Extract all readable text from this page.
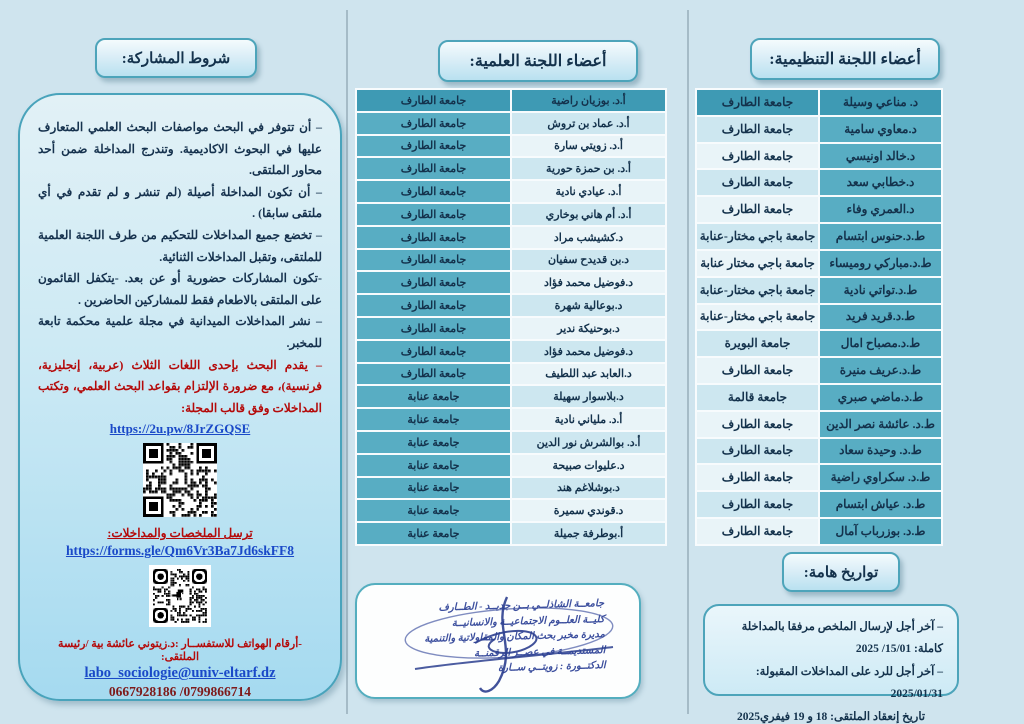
أعضاء اللجنة التنظيمية:
د. مناعي وسيلة	جامعة الطارف
د.معاوي سامية	جامعة الطارف
د.خالد اونيسي	جامعة الطارف
د.خطابي سعد	جامعة الطارف
د.العمري وفاء	جامعة الطارف
ط.د.حنوس ابتسام	جامعة باجي مختار-عنابة
ط.د.مباركي روميساء	جامعة باجي مختار عنابة
ط.د.تواتي نادية	جامعة باجي مختار-عنابة
ط.د.قريد فريد	جامعة باجي مختار-عنابة
ط.د.مصباح امال	جامعة البويرة
ط.د.عريف منيرة	جامعة الطارف
ط.د.ماضي صبري	جامعة قالمة
ط.د. عائشة نصر الدين	جامعة الطارف
ط.د. وحيدة سعاد	جامعة الطارف
ط.د. سكراوي راضية	جامعة الطارف
ط.د. عياش ابتسام	جامعة الطارف
ط.د. بوزرباب آمال	جامعة الطارف
تواريخ هامة:
– آخر أجل لإرسال الملخص مرفقا بالمداخلة كاملة: 15/01/ 2025
– آخر أجل للرد على المداخلات المقبولة: 2025/01/31
تاريخ إنعقاد الملتقى: 18 و 19 فيفري2025
أعضاء اللجنة العلمية:
أ.د. بوزيان راضية	جامعة الطارف
أ.د. عماد بن تروش	جامعة الطارف
أ.د. زويتي سارة	جامعة الطارف
أ.د. بن حمزة حورية	جامعة الطارف
أ.د. عيادي نادية	جامعة الطارف
أ.د. أم هاني بوخاري	جامعة الطارف
د.كشيشب مراد	جامعة الطارف
د.بن قديدح سفيان	جامعة الطارف
د.فوضيل محمد فؤاد	جامعة الطارف
د.بوعالية شهرة	جامعة الطارف
د.بوحنيكة ندير	جامعة الطارف
د.فوضيل محمد فؤاد	جامعة الطارف
د.العابد عبد اللطيف	جامعة الطارف
د.بلاسوار سهيلة	جامعة عنابة
أ.د. ملياني نادية	جامعة عنابة
أ.د. بوالشرش نور الدين	جامعة عنابة
د.عليوات صبيحة	جامعة عنابة
د.بوشلاغم هند	جامعة عنابة
د.قوندي سميرة	جامعة عنابة
أ.بوطرفة جميلة	جامعة عنابة
جامعــة الشاذلــي بــن جديــد - الطــارف
كليــة العلــوم الاجتماعيــة والانسانيــة
مديرة مخبر بحث المكان والمقاولاتية والتنمية
المستديمــة في عصــر الرقمنــة
الدكتــورة : زويتــي ســارة
شروط المشاركة:

– أن تتوفر في البحث مواصفات البحث العلمي المتعارف عليها في البحوث الاكاديمية. وتندرج المداخلة ضمن أحد محاور الملتقى.

– أن تكون المداخلة أصيلة (لم تنشر و لم تقدم في أي ملتقى سابقا) .

– تخضع جميع المداخلات للتحكيم من طرف اللجنة العلمية للملتقى، وتقبل المداخلات الثنائية.

-تكون المشاركات حضورية أو عن بعد. -يتكفل القائمون على الملتقى بالاطعام فقط للمشاركين الحاضرين .

– نشر المداخلات الميدانية في مجلة علمية محكمة تابعة للمخبر.

– يقدم البحث بإحدى اللغات الثلاث (عربية، إنجليزية، فرنسية)، مع ضرورة الإلتزام بقواعد البحث العلمي، وتكتب المداخلات وفق قالب المجلة:

https://2u.pw/8JrZGQSE
ترسل الملخصات والمداخلات:
https://forms.gle/Qm6Vr3Ba7Jd6skFF8
-أرقام الهواتف للاستفســار :د.زيتوني عائشة بية /رئيسة الملتقى:
labo_sociologie@univ-eltarf.dz
0667928186 /0799866714
